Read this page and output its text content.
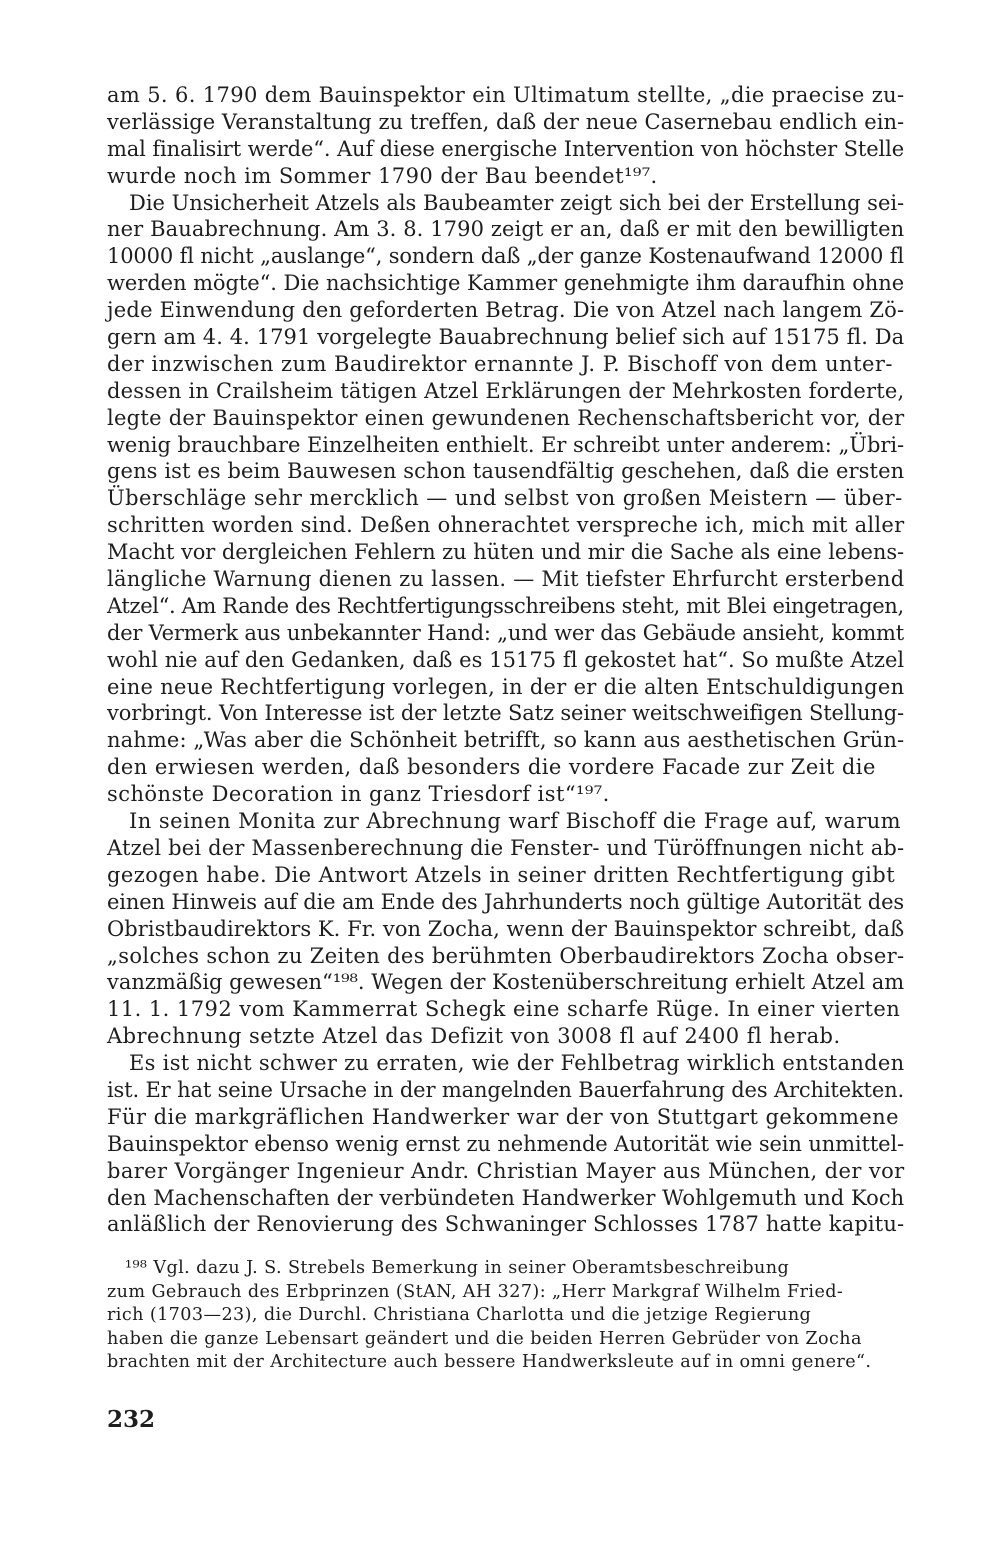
am 5. 6. 1790 dem Bauinspektor ein Ultimatum stellte, „die praecise zu-
verlässige Veranstaltung zu treffen, daß der neue Casernebau endlich ein-
mal finalisirt werde“. Auf diese energische Intervention von höchster Stelle
wurde noch im Sommer 1790 der Bau beendet¹⁹⁷.
Die Unsicherheit Atzels als Baubeamter zeigt sich bei der Erstellung sei-
ner Bauabrechnung. Am 3. 8. 1790 zeigt er an, daß er mit den bewilligten
10000 fl nicht „auslange“, sondern daß „der ganze Kostenaufwand 12000 fl
werden mögte“. Die nachsichtige Kammer genehmigte ihm daraufhin ohne
jede Einwendung den geforderten Betrag. Die von Atzel nach langem Zö-
gern am 4. 4. 1791 vorgelegte Bauabrechnung belief sich auf 15175 fl. Da
der inzwischen zum Baudirektor ernannte J. P. Bischoff von dem unter-
dessen in Crailsheim tätigen Atzel Erklärungen der Mehrkosten forderte,
legte der Bauinspektor einen gewundenen Rechenschaftsbericht vor, der
wenig brauchbare Einzelheiten enthielt. Er schreibt unter anderem: „Übri-
gens ist es beim Bauwesen schon tausendfältig geschehen, daß die ersten
Überschläge sehr mercklich — und selbst von großen Meistern — über-
schritten worden sind. Deßen ohnerachtet verspreche ich, mich mit aller
Macht vor dergleichen Fehlern zu hüten und mir die Sache als eine lebens-
längliche Warnung dienen zu lassen. — Mit tiefster Ehrfurcht ersterbend
Atzel“. Am Rande des Rechtfertigungsschreibens steht, mit Blei eingetragen,
der Vermerk aus unbekannter Hand: „und wer das Gebäude ansieht, kommt
wohl nie auf den Gedanken, daß es 15175 fl gekostet hat“. So mußte Atzel
eine neue Rechtfertigung vorlegen, in der er die alten Entschuldigungen
vorbringt. Von Interesse ist der letzte Satz seiner weitschweifigen Stellung-
nahme: „Was aber die Schönheit betrifft, so kann aus aesthetischen Grün-
den erwiesen werden, daß besonders die vordere Facade zur Zeit die
schönste Decoration in ganz Triesdorf ist“¹⁹⁷.
In seinen Monita zur Abrechnung warf Bischoff die Frage auf, warum
Atzel bei der Massenberechnung die Fenster- und Türöffnungen nicht ab-
gezogen habe. Die Antwort Atzels in seiner dritten Rechtfertigung gibt
einen Hinweis auf die am Ende des Jahrhunderts noch gültige Autorität des
Obristbaudirektors K. Fr. von Zocha, wenn der Bauinspektor schreibt, daß
„solches schon zu Zeiten des berühmten Oberbaudirektors Zocha obser-
vanzmäßig gewesen“¹⁹⁸. Wegen der Kostenüberschreitung erhielt Atzel am
11. 1. 1792 vom Kammerrat Schegk eine scharfe Rüge. In einer vierten
Abrechnung setzte Atzel das Defizit von 3008 fl auf 2400 fl herab.
Es ist nicht schwer zu erraten, wie der Fehlbetrag wirklich entstanden
ist. Er hat seine Ursache in der mangelnden Bauerfahrung des Architekten.
Für die markgräflichen Handwerker war der von Stuttgart gekommene
Bauinspektor ebenso wenig ernst zu nehmende Autorität wie sein unmittel-
barer Vorgänger Ingenieur Andr. Christian Mayer aus München, der vor
den Machenschaften der verbündeten Handwerker Wohlgemuth und Koch
anläßlich der Renovierung des Schwaninger Schlosses 1787 hatte kapitu-
¹⁹⁸ Vgl. dazu J. S. Strebels Bemerkung in seiner Oberamtsbeschreibung
zum Gebrauch des Erbprinzen (StAN, AH 327): „Herr Markgraf Wilhelm Fried-
rich (1703—23), die Durchl. Christiana Charlotta und die jetzige Regierung
haben die ganze Lebensart geändert und die beiden Herren Gebrüder von Zocha
brachten mit der Architecture auch bessere Handwerksleute auf in omni genere“.
232
